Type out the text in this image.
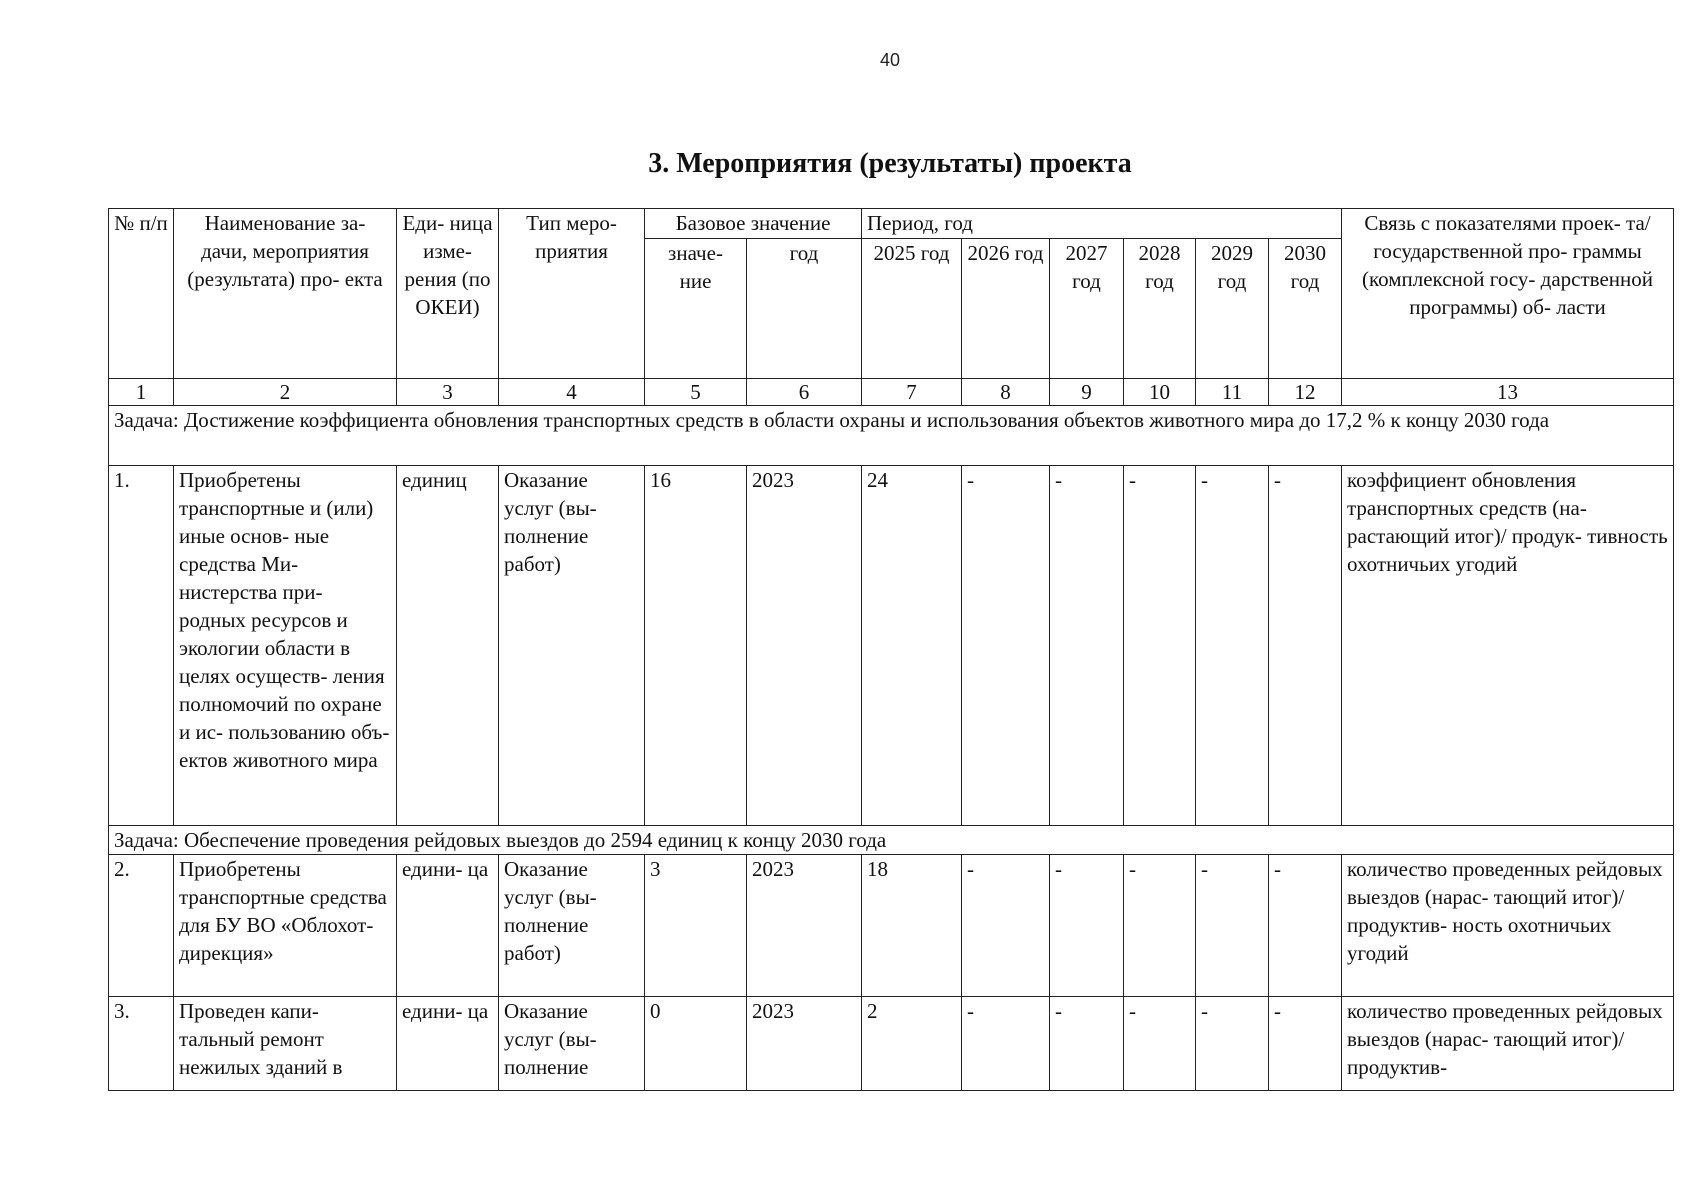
40
3. Мероприятия (результаты) проекта
№ п/п	Наименование за- дачи, мероприятия (результата) про- екта	Еди- ница изме- рения (по ОКЕИ)	Тип меро- приятия	Базовое значение		Период, год						Связь с показателями проек- та/государственной про- граммы (комплексной госу- дарственной программы) об- ласти
				значе- ние	год	2025 год	2026 год	2027 год	2028 год	2029 год	2030 год	
1	2	3	4	5	6	7	8	9	10	11	12	13
Задача: Достижение коэффициента обновления транспортных средств в области охраны и использования объектов животного мира до 17,2 % к концу 2030 года												
1.	Приобретены транспортные и (или) иные основ- ные средства Ми- нистерства при- родных ресурсов и экологии области в целях осуществ- ления полномочий по охране и ис- пользованию объ- ектов животного мира	единиц	Оказание услуг (вы- полнение работ)	16	2023	24	-	-	-	-	-	коэффициент обновления транспортных средств (на- растающий итог)/ продук- тивность охотничьих угодий
Задача: Обеспечение проведения рейдовых выездов до 2594 единиц к концу 2030 года												
2.	Приобретены транспортные средства для БУ ВО «Облохот- дирекция»	едини- ца	Оказание услуг (вы- полнение работ)	3	2023	18	-	-	-	-	-	количество проведенных рейдовых выездов (нарас- тающий итог)/ продуктив- ность охотничьих угодий
3.	Проведен капи- тальный ремонт нежилых зданий в	едини- ца	Оказание услуг (вы- полнение	0	2023	2	-	-	-	-	-	количество проведенных рейдовых выездов (нарас- тающий итог)/ продуктив-
